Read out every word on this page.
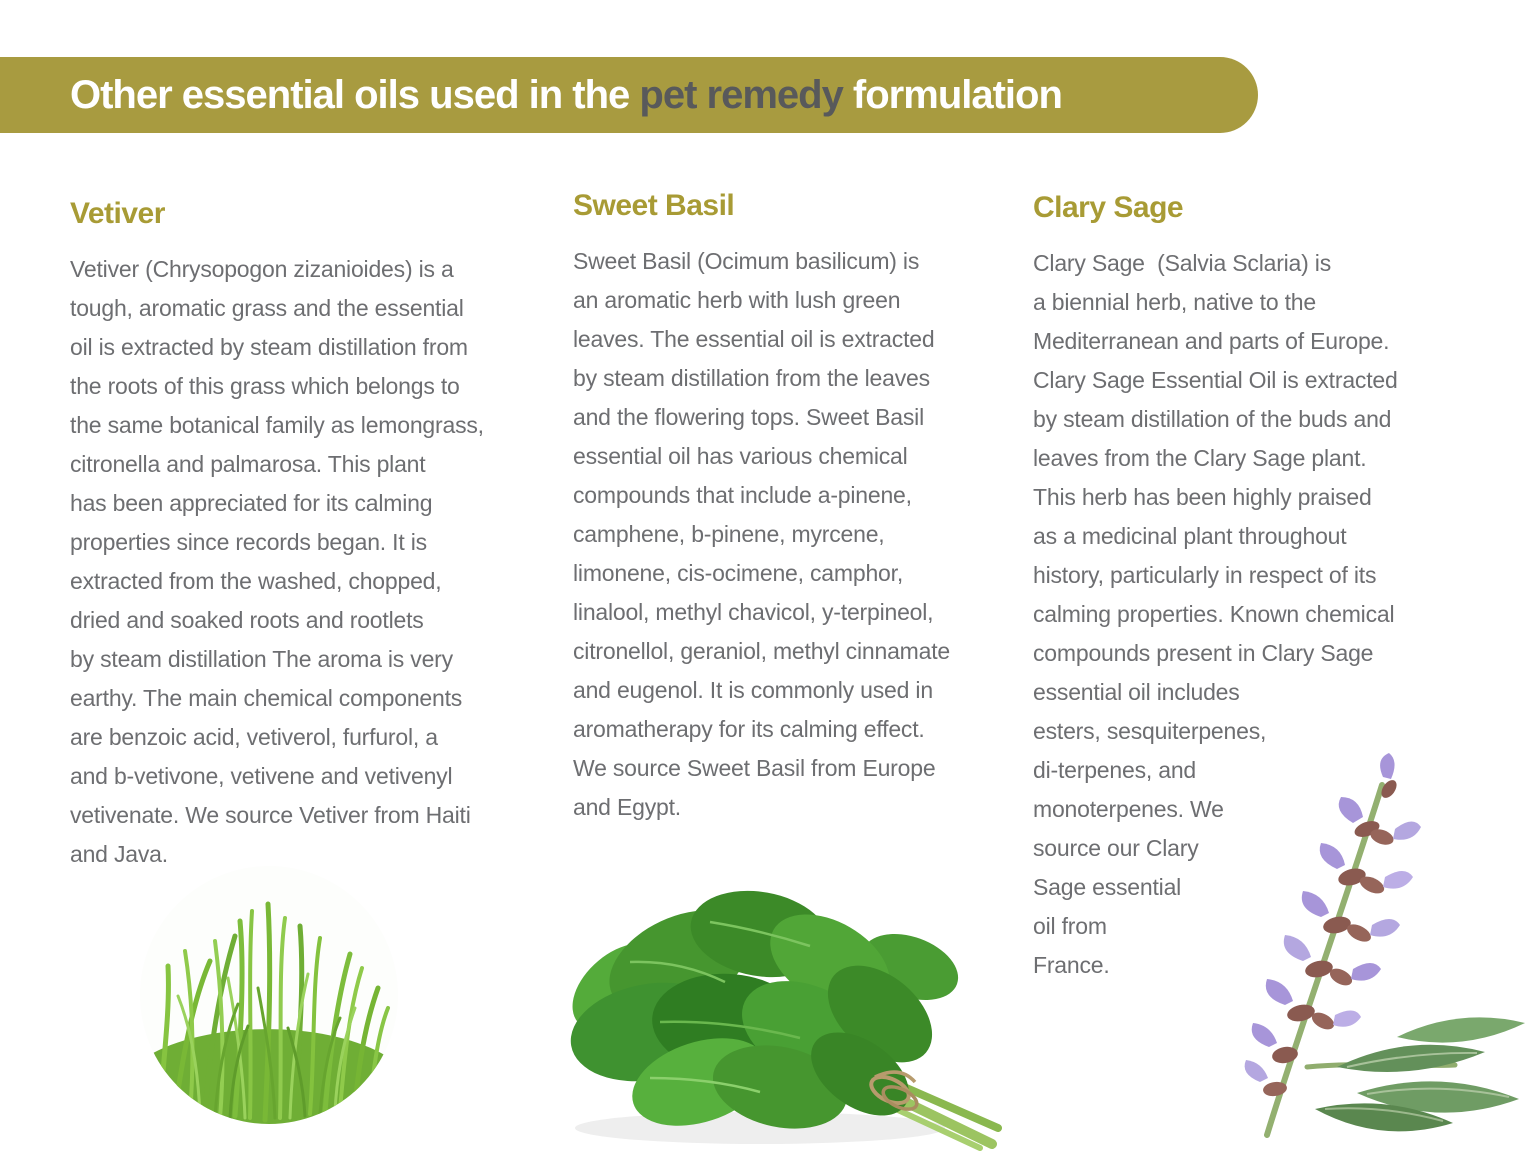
Other essential oils used in the pet remedy formulation
Vetiver
Vetiver (Chrysopogon zizanioides) is a
tough, aromatic grass and the essential
oil is extracted by steam distillation from
the roots of this grass which belongs to
the same botanical family as lemongrass,
citronella and palmarosa. This plant
has been appreciated for its calming
properties since records began. It is
extracted from the washed, chopped,
dried and soaked roots and rootlets
by steam distillation The aroma is very
earthy. The main chemical components
are benzoic acid, vetiverol, furfurol, a
and b-vetivone, vetivene and vetivenyl
vetivenate. We source Vetiver from Haiti
and Java.
Sweet Basil
Sweet Basil (Ocimum basilicum) is
an aromatic herb with lush green
leaves. The essential oil is extracted
by steam distillation from the leaves
and the flowering tops. Sweet Basil
essential oil has various chemical
compounds that include a-pinene,
camphene, b-pinene, myrcene,
limonene, cis-ocimene, camphor,
linalool, methyl chavicol, y-terpineol,
citronellol, geraniol, methyl cinnamate
and eugenol. It is commonly used in
aromatherapy for its calming effect.
We source Sweet Basil from Europe
and Egypt.
Clary Sage
Clary Sage  (Salvia Sclaria) is
a biennial herb, native to the
Mediterranean and parts of Europe.
Clary Sage Essential Oil is extracted
by steam distillation of the buds and
leaves from the Clary Sage plant.
This herb has been highly praised
as a medicinal plant throughout
history, particularly in respect of its
calming properties. Known chemical
compounds present in Clary Sage
essential oil includes
esters, sesquiterpenes,
di-terpenes, and
monoterpenes. We
source our Clary
Sage essential
oil from
France.
